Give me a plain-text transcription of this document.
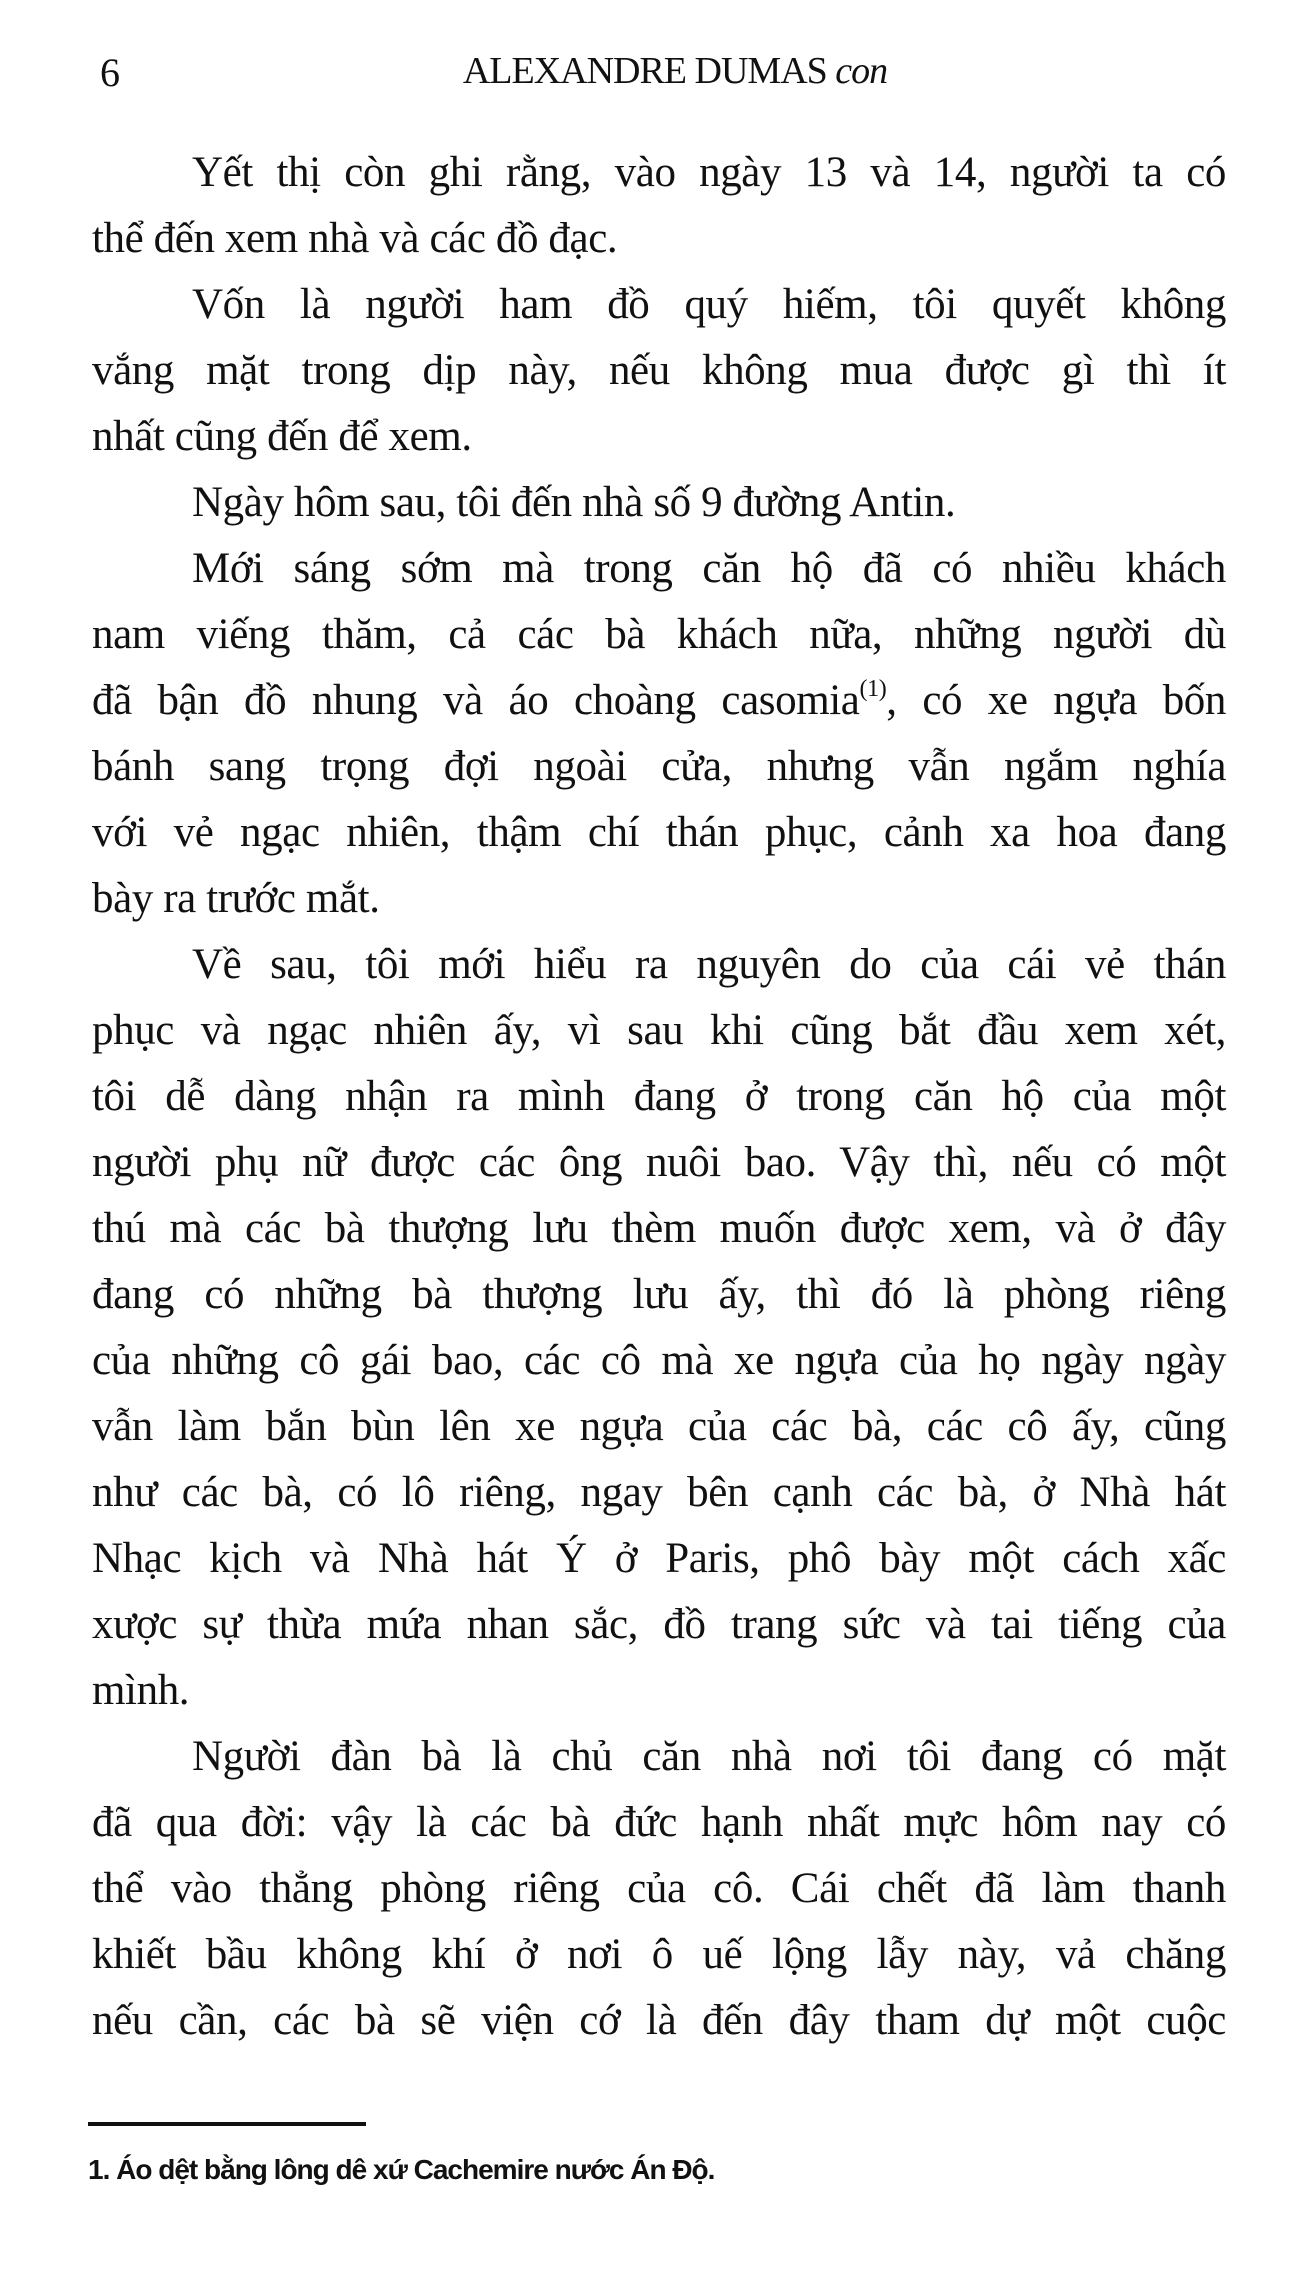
6	ALEXANDRE DUMAS con
Yết thị còn ghi rằng, vào ngày 13 và 14, người ta có
thể đến xem nhà và các đồ đạc.
Vốn là người ham đồ quý hiếm, tôi quyết không
vắng mặt trong dịp này, nếu không mua được gì thì ít
nhất cũng đến để xem.
Ngày hôm sau, tôi đến nhà số 9 đường Antin.
Mới sáng sớm mà trong căn hộ đã có nhiều khách
nam viếng thăm, cả các bà khách nữa, những người dù
đã bận đồ nhung và áo choàng casomia$^{(1)}$, có xe ngựa bốn
bánh sang trọng đợi ngoài cửa, nhưng vẫn ngắm nghía
với vẻ ngạc nhiên, thậm chí thán phục, cảnh xa hoa đang
bày ra trước mắt.
Về sau, tôi mới hiểu ra nguyên do của cái vẻ thán
phục và ngạc nhiên ấy, vì sau khi cũng bắt đầu xem xét,
tôi dễ dàng nhận ra mình đang ở trong căn hộ của một
người phụ nữ được các ông nuôi bao. Vậy thì, nếu có một
thú mà các bà thượng lưu thèm muốn được xem, và ở đây
đang có những bà thượng lưu ấy, thì đó là phòng riêng
của những cô gái bao, các cô mà xe ngựa của họ ngày ngày
vẫn làm bắn bùn lên xe ngựa của các bà, các cô ấy, cũng
như các bà, có lô riêng, ngay bên cạnh các bà, ở Nhà hát
Nhạc kịch và Nhà hát Ý ở Paris, phô bày một cách xấc
xược sự thừa mứa nhan sắc, đồ trang sức và tai tiếng của
mình.
Người đàn bà là chủ căn nhà nơi tôi đang có mặt
đã qua đời: vậy là các bà đức hạnh nhất mực hôm nay có
thể vào thẳng phòng riêng của cô. Cái chết đã làm thanh
khiết bầu không khí ở nơi ô uế lộng lẫy này, vả chăng
nếu cần, các bà sẽ viện cớ là đến đây tham dự một cuộc
1. Áo dệt bằng lông dê xứ Cachemire nước Án Độ.
